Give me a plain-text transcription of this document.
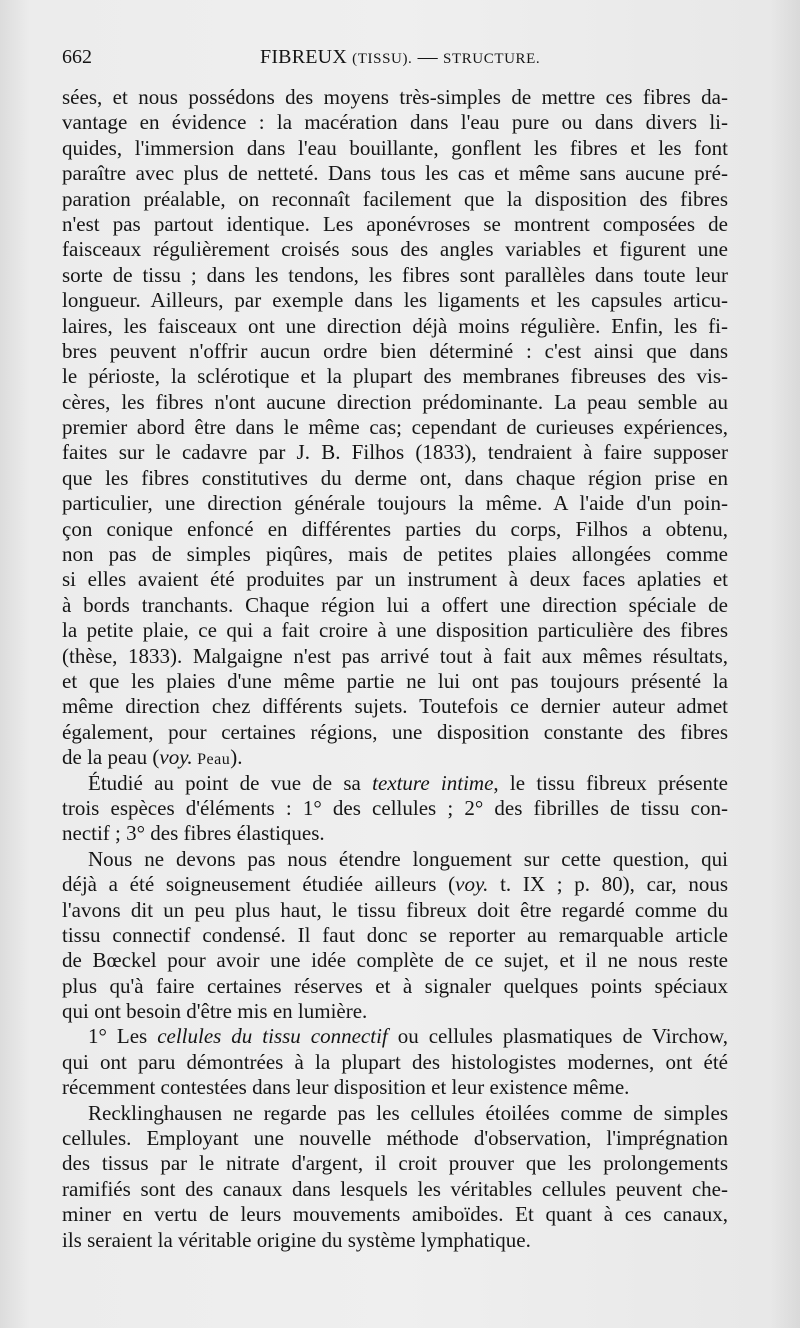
662	FIBREUX (TISSU). — STRUCTURE.
sées, et nous possédons des moyens très-simples de mettre ces fibres da-
vantage en évidence : la macération dans l'eau pure ou dans divers li-
quides, l'immersion dans l'eau bouillante, gonflent les fibres et les font
paraître avec plus de netteté. Dans tous les cas et même sans aucune pré-
paration préalable, on reconnaît facilement que la disposition des fibres
n'est pas partout identique. Les aponévroses se montrent composées de
faisceaux régulièrement croisés sous des angles variables et figurent une
sorte de tissu ; dans les tendons, les fibres sont parallèles dans toute leur
longueur. Ailleurs, par exemple dans les ligaments et les capsules articu-
laires, les faisceaux ont une direction déjà moins régulière. Enfin, les fi-
bres peuvent n'offrir aucun ordre bien déterminé : c'est ainsi que dans
le périoste, la sclérotique et la plupart des membranes fibreuses des vis-
cères, les fibres n'ont aucune direction prédominante. La peau semble au
premier abord être dans le même cas; cependant de curieuses expériences,
faites sur le cadavre par J. B. Filhos (1833), tendraient à faire supposer
que les fibres constitutives du derme ont, dans chaque région prise en
particulier, une direction générale toujours la même. A l'aide d'un poin-
çon conique enfoncé en différentes parties du corps, Filhos a obtenu,
non pas de simples piqûres, mais de petites plaies allongées comme
si elles avaient été produites par un instrument à deux faces aplaties et
à bords tranchants. Chaque région lui a offert une direction spéciale de
la petite plaie, ce qui a fait croire à une disposition particulière des fibres
(thèse, 1833). Malgaigne n'est pas arrivé tout à fait aux mêmes résultats,
et que les plaies d'une même partie ne lui ont pas toujours présenté la
même direction chez différents sujets. Toutefois ce dernier auteur admet
également, pour certaines régions, une disposition constante des fibres
de la peau (voy. Peau).
Étudié au point de vue de sa texture intime, le tissu fibreux présente
trois espèces d'éléments : 1° des cellules ; 2° des fibrilles de tissu con-
nectif ; 3° des fibres élastiques.
Nous ne devons pas nous étendre longuement sur cette question, qui
déjà a été soigneusement étudiée ailleurs (voy. t. IX ; p. 80), car, nous
l'avons dit un peu plus haut, le tissu fibreux doit être regardé comme du
tissu connectif condensé. Il faut donc se reporter au remarquable article
de Bœckel pour avoir une idée complète de ce sujet, et il ne nous reste
plus qu'à faire certaines réserves et à signaler quelques points spéciaux
qui ont besoin d'être mis en lumière.
1° Les cellules du tissu connectif ou cellules plasmatiques de Virchow,
qui ont paru démontrées à la plupart des histologistes modernes, ont été
récemment contestées dans leur disposition et leur existence même.
Recklinghausen ne regarde pas les cellules étoilées comme de simples
cellules. Employant une nouvelle méthode d'observation, l'imprégnation
des tissus par le nitrate d'argent, il croit prouver que les prolongements
ramifiés sont des canaux dans lesquels les véritables cellules peuvent che-
miner en vertu de leurs mouvements amiboïdes. Et quant à ces canaux,
ils seraient la véritable origine du système lymphatique.
